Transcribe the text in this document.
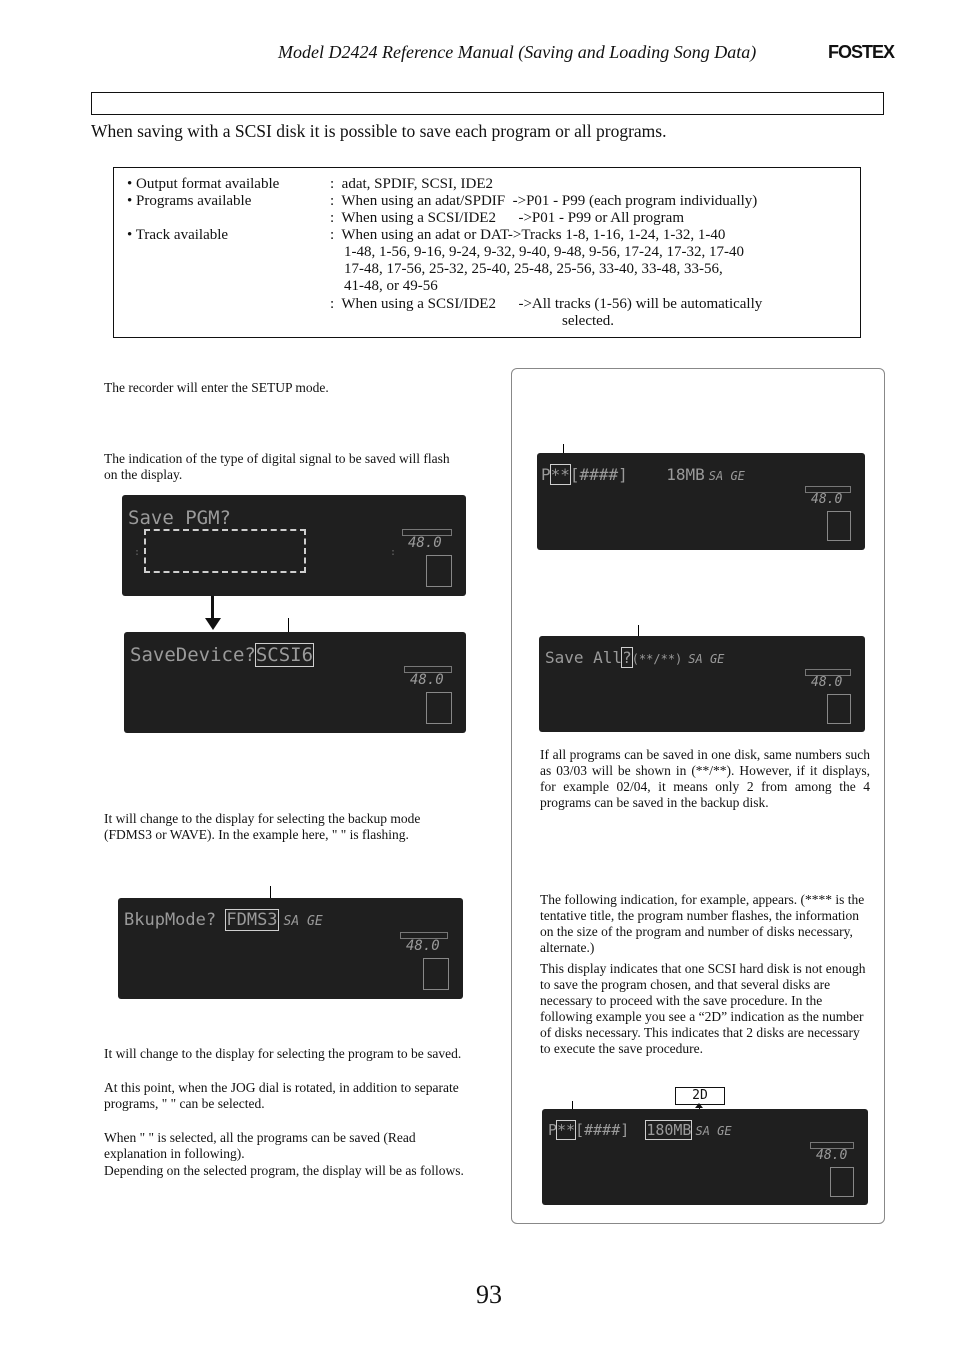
Model D2424 Reference Manual (Saving and Loading Song Data)	FOSTEX
When saving with a SCSI disk it is possible to save each program or all programs.
• Output format available	:  adat, SPDIF, SCSI, IDE2
• Programs available	:  When using an adat/SPDIF  ->P01 - P99 (each program individually)
:  When using a SCSI/IDE2      ->P01 - P99 or All program
• Track available	:  When using an adat or DAT->Tracks 1-8, 1-16, 1-24, 1-32, 1-40
1-48, 1-56, 9-16, 9-24, 9-32, 9-40, 9-48, 9-56, 17-24, 17-32, 17-40
17-48, 17-56, 25-32, 25-40, 25-48, 25-56, 33-40, 33-48, 33-56,
41-48, or 49-56
:  When using a SCSI/IDE2      ->All tracks (1-56) will be automatically
selected.
The recorder will enter the SETUP mode.
The indication of the type of digital signal to be saved will flash on the display.
Save PGM?
48.0
:	:
SaveDevice?SCSI6
48.0
It will change to the display for selecting the backup mode (FDMS3 or WAVE). In the example here, " " is flashing.
BkupMode? FDMS3 SA GE
48.0
It will change to the display for selecting the program to be saved.
At this point, when the JOG dial is rotated, in addition to separate programs, " " can be selected.
When " " is selected, all the programs can be saved (Read explanation in following).
Depending on the selected program, the display will be as follows.
P**[####]    18MB SA GE
48.0
Save All?(**/**) SA GE
48.0
If all programs can be saved in one disk, same numbers such as 03/03 will be shown in (**/**). However, if it displays, for example 02/04, it means only 2 from among the 4 programs can be saved in the backup disk.
The following indication, for example, appears. (**** is the tentative title, the program number flashes, the information on the size of the program and number of disks necessary, alternate.)
This display indicates that one SCSI hard disk is not enough to save the program chosen, and that several disks are necessary to proceed with the save procedure. In the following example you see a “2D” indication as the number of disks necessary. This indicates that 2 disks are necessary to execute the save procedure.
2D
P**[####] 180MB SA GE
48.0
93
